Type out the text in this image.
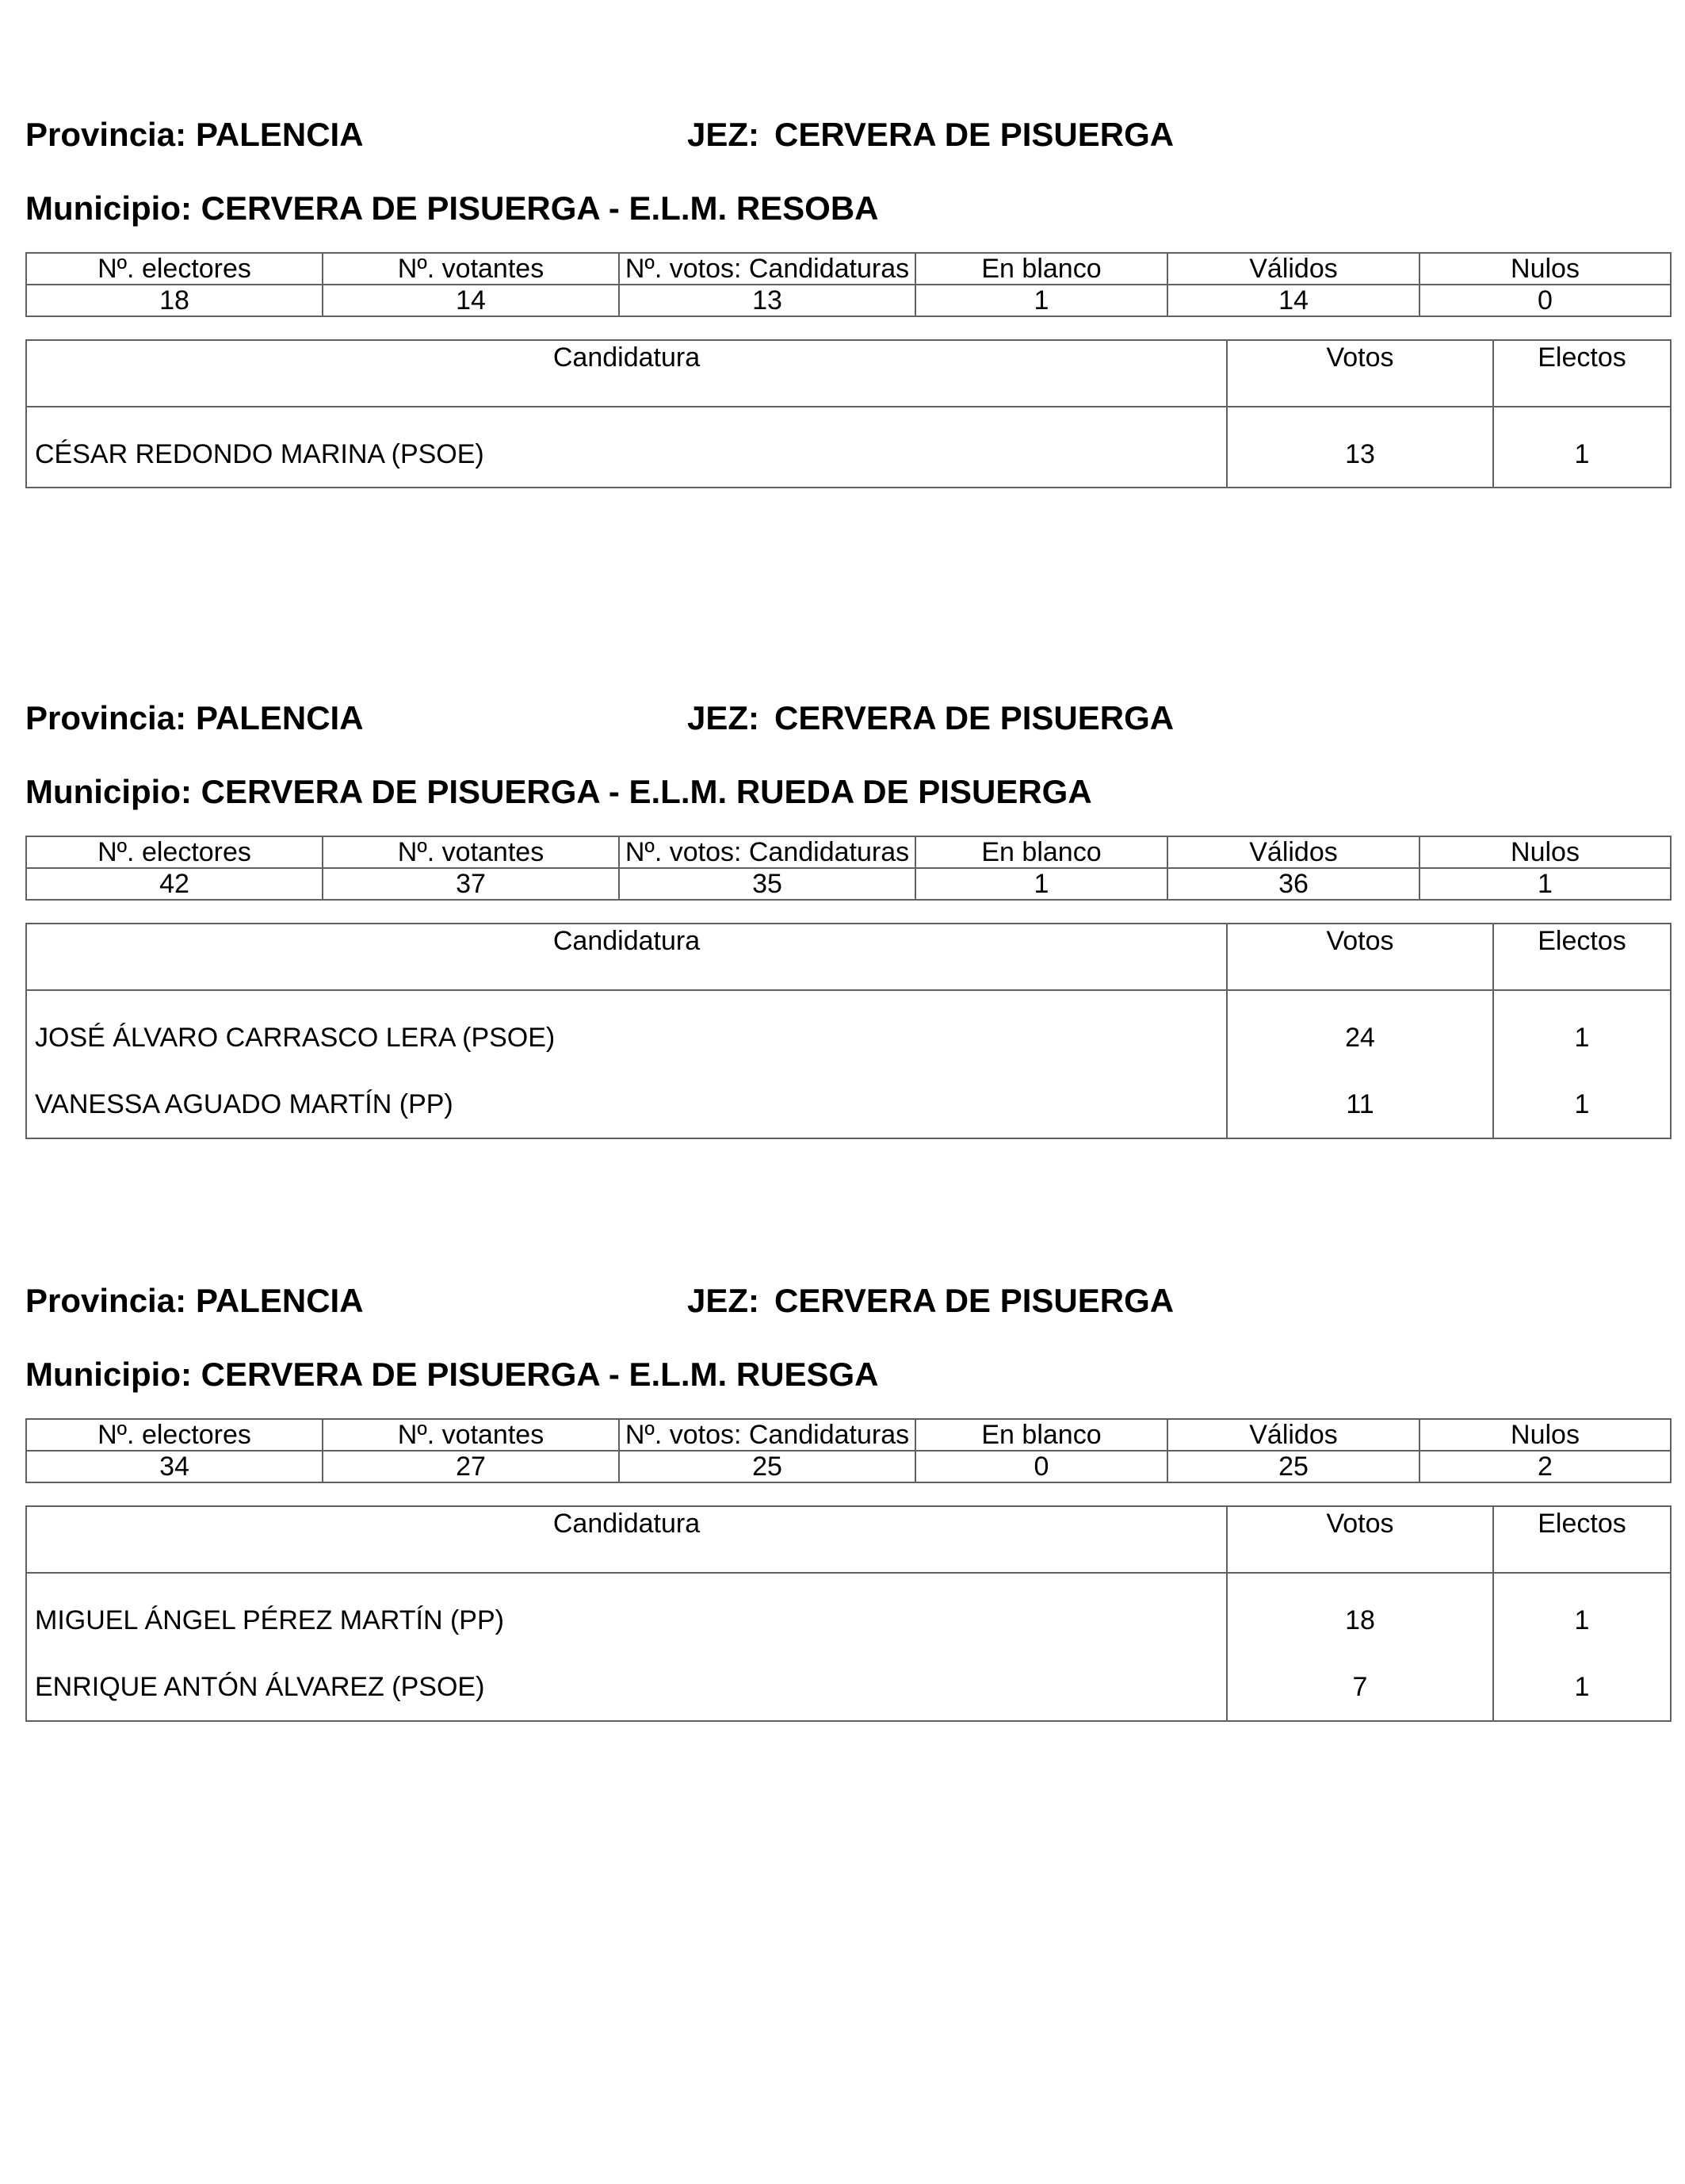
Provincia: PALENCIA	JEZ: CERVERA DE PISUERGA
Municipio: CERVERA DE PISUERGA - E.L.M. RESOBA
Nº. electores	Nº. votantes	Nº. votos: Candidaturas	En blanco	Válidos	Nulos
18	14	13	1	14	0
Candidatura	Votos	Electos
CÉSAR REDONDO MARINA (PSOE)	13	1
Provincia: PALENCIA	JEZ: CERVERA DE PISUERGA
Municipio: CERVERA DE PISUERGA - E.L.M. RUEDA DE PISUERGA
Nº. electores	Nº. votantes	Nº. votos: Candidaturas	En blanco	Válidos	Nulos
42	37	35	1	36	1
Candidatura	Votos	Electos
JOSÉ ÁLVARO CARRASCO LERA (PSOE)	24	1
VANESSA AGUADO MARTÍN (PP)	11	1
Provincia: PALENCIA	JEZ: CERVERA DE PISUERGA
Municipio: CERVERA DE PISUERGA - E.L.M. RUESGA
Nº. electores	Nº. votantes	Nº. votos: Candidaturas	En blanco	Válidos	Nulos
34	27	25	0	25	2
Candidatura	Votos	Electos
MIGUEL ÁNGEL PÉREZ MARTÍN (PP)	18	1
ENRIQUE ANTÓN ÁLVAREZ (PSOE)	7	1
